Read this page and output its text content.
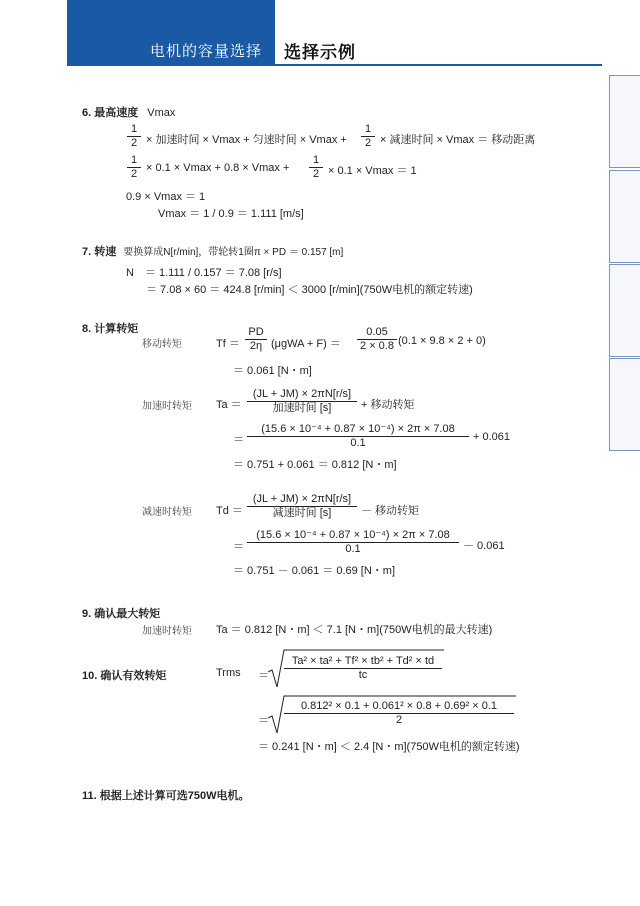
电机的容量选择 选择示例
6. 最高速度 Vmax
$\frac{1}{2}$ × 加速时间 × Vmax + 匀速时间 × $Vmax + \frac{1}{2}$ × 减速时间 × Vmax ＝ 移动距离
$\frac{1}{2} \times 0.1 \times Vmax + 0.8 \times Vmax + \frac{1}{2} \times 0.1 \times Vmax = 1$
0.9 × Vmax ＝ 1
Vmax ＝ 1 / 0.9 ＝ 1.111 [m/s]
7. 转速 要换算成N[r/min]，带轮转1圈π × PD ＝ 0.157 [m]
N　＝ 1.111 / 0.157 ＝ 7.08 [r/s]
＝ 7.08 × 60 ＝ 424.8 [r/min] ＜ 3000 [r/min](750W电机的额定转速)
8. 计算转矩
移动转矩	$Tf = \frac{PD}{2\eta} (\mu gWA + F) = \frac{0.05}{2 \times 0.8} (0.1 \times 9.8 \times 2 + 0)$
＝ 0.061 [N・m]
加速时转矩 Ta ＝
(JL + JM) × 2πN[r/s]
加速时间 [s]	+ 移动转矩
＝ $\frac{\text{(15.6 × 10⁻⁴ + 0.87 × 10⁻⁴) × 2π × 7.08}}{0.1} + 0.061$
＝ 0.751 + 0.061 ＝ 0.812 [N・m]
减速时转矩 Td ＝
(JL + JM) × 2πN[r/s]
减速时间 [s]	－ 移动转矩
＝ $\frac{\text{(15.6 × 10⁻⁴ + 0.87 × 10⁻⁴) × 2π × 7.08}}{0.1} - 0.061$
＝ 0.751 － 0.061 ＝ 0.69 [N・m]
9. 确认最大转矩
加速时转矩 Ta ＝ 0.812 [N・m] ＜ 7.1 [N・m](750W电机的最大转速)
10. 确认有效转矩	Trms ＝ $\frac{\text{Ta² × ta² + Tf² × tb² + Td² × td}}{tc}$
＝ $\frac{\text{0.812² × 0.1 + 0.061² × 0.8 + 0.69² × 0.1}}{2}$
＝ 0.241 [N・m] ＜ 2.4 [N・m](750W电机的额定转速)
11. 根据上述计算可选750W电机。
